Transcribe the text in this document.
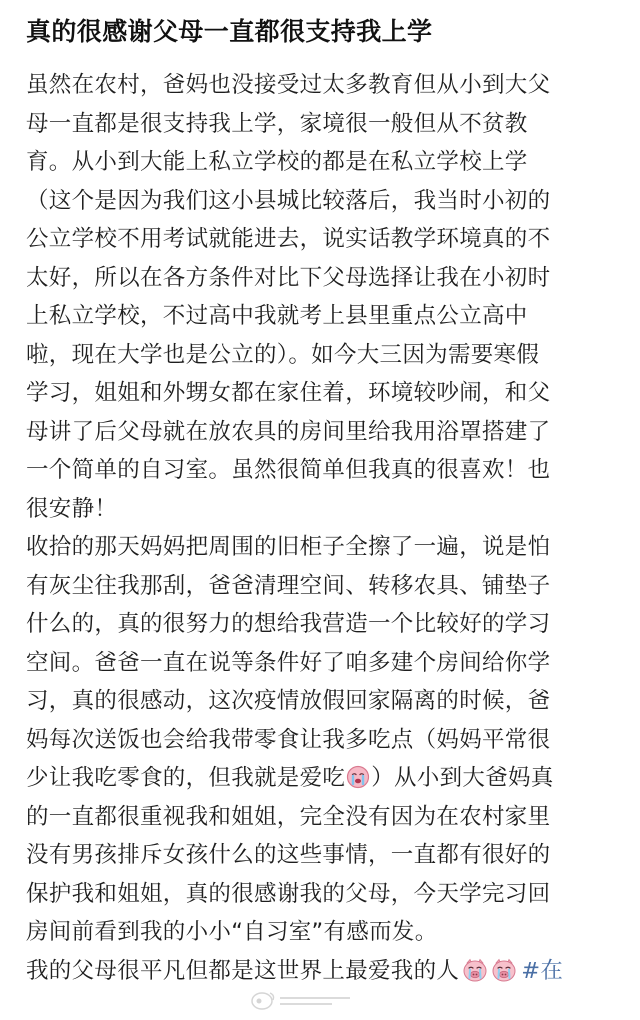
真的很感谢父母一直都很支持我上学
虽然在农村，爸妈也没接受过太多教育但从小到大父
母一直都是很支持我上学，家境很一般但从不贫教
育。从小到大能上私立学校的都是在私立学校上学
（这个是因为我们这小县城比较落后，我当时小初的
公立学校不用考试就能进去，说实话教学环境真的不
太好，所以在各方条件对比下父母选择让我在小初时
上私立学校，不过高中我就考上县里重点公立高中
啦，现在大学也是公立的）。如今大三因为需要寒假
学习，姐姐和外甥女都在家住着，环境较吵闹，和父
母讲了后父母就在放农具的房间里给我用浴罩搭建了
一个简单的自习室。虽然很简单但我真的很喜欢！也
很安静！
收拾的那天妈妈把周围的旧柜子全擦了一遍，说是怕
有灰尘往我那刮，爸爸清理空间、转移农具、铺垫子
什么的，真的很努力的想给我营造一个比较好的学习
空间。爸爸一直在说等条件好了咱多建个房间给你学
习，真的很感动，这次疫情放假回家隔离的时候，爸
妈每次送饭也会给我带零食让我多吃点（妈妈平常很
少让我吃零食的，但我就是爱吃 ）从小到大爸妈真
的一直都很重视我和姐姐，完全没有因为在农村家里
没有男孩排斥女孩什么的这些事情，一直都有很好的
保护我和姐姐，真的很感谢我的父母，今天学完习回
房间前看到我的小小“自习室”有感而发。
我的父母很平凡但都是这世界上最爱我的人	#在
